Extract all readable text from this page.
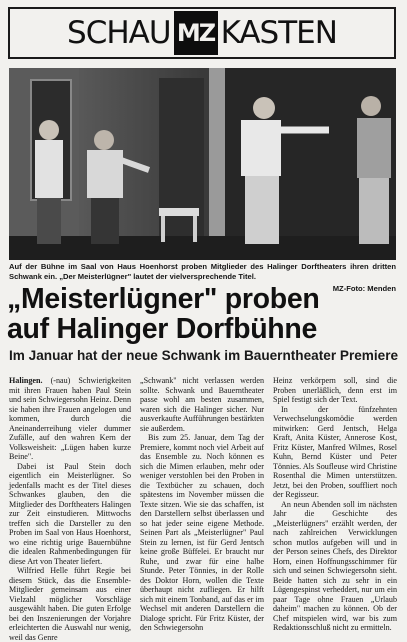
SCHAU MZ KASTEN
Auf der Bühne im Saal von Haus Hoenhorst proben Mitglieder des Halinger Dorftheaters ihren dritten Schwank ein. „Der Meisterlügner" lautet der vielversprechende Titel.
MZ-Foto: Menden
„Meisterlügner" proben
auf Halinger Dorfbühne
Im Januar hat der neue Schwank im Bauerntheater Premiere

Halingen. (-nau) Schwierigkeiten mit ihren Frauen haben Paul Stein und sein Schwiegersohn Heinz. Denn sie haben ihre Frauen angelogen und kommen, durch die Aneinanderreihung vieler dummer Zufälle, auf den wahren Kern der Volksweisheit: „Lügen haben kurze Beine".

Dabei ist Paul Stein doch eigentlich ein Meisterlügner. So jedenfalls macht es der Titel dieses Schwankes glauben, den die Mitglieder des Dorftheaters Halingen zur Zeit einstudieren. Mittwochs treffen sich die Darsteller zu den Proben im Saal von Haus Hoenhorst, wo eine richtig urige Bauernbühne die idealen Rahmenbedingungen für diese Art von Theater liefert.

Wilfried Helle führt Regie bei diesem Stück, das die Ensemble-Mitglieder gemeinsam aus einer Vielzahl möglicher Vorschläge ausgewählt haben. Die guten Erfolge bei den Inszenierungen der Vorjahre erleichterten die Auswahl nur wenig, weil das Genre

„Schwank" nicht verlassen werden sollte. Schwank und Bauerntheater passe wohl am besten zusammen, waren sich die Halinger sicher. Nur ausverkaufte Aufführungen bestärkten sie außerdem.

Bis zum 25. Januar, dem Tag der Premiere, kommt noch viel Arbeit auf das Ensemble zu. Noch können es sich die Mimen erlauben, mehr oder weniger verstohlen bei den Proben in die Textbücher zu schauen, doch spätestens im November müssen die Texte sitzen. Wie sie das schaffen, ist den Darstellern selbst überlassen und so hat jeder seine eigene Methode. Seinen Part als „Meisterlügner" Paul Stein zu lernen, ist für Gerd Jentsch keine große Büffelei. Er braucht nur Ruhe, und zwar für eine halbe Stunde. Peter Tönnies, in der Rolle des Doktor Horn, wollen die Texte überhaupt nicht zufliegen. Er hilft sich mit einem Tonband, auf das er im Wechsel mit anderen Darstellern die Dialoge spricht. Für Fritz Küster, der den Schwiegersohn

Heinz verkörpern soll, sind die Proben unerläßlich, denn erst im Spiel festigt sich der Text.

In der fünfzehnten Verwechselungskomödie werden mitwirken: Gerd Jentsch, Helga Kraft, Anita Küster, Annerose Kost, Fritz Küster, Manfred Wilmes, Rosel Kuhn, Bernd Küster und Peter Tönnies. Als Soufleuse wird Christine Rosenthal die Mimen unterstützen. Jetzt, bei den Proben, souffliert noch der Regisseur.

An neun Abenden soll im nächsten Jahr die Geschichte des „Meisterlügners" erzählt werden, der nach zahlreichen Verwicklungen schon mutlos aufgeben will und in der Person seines Chefs, des Direktor Horn, einen Hoffnungsschimmer für sich und seinen Schwiegersohn sieht. Beide hatten sich zu sehr in ein Lügengespinst verheddert, nur um ein paar Tage ohne Frauen „Urlaub daheim" machen zu können. Ob der Chef mitspielen wird, war bis zum Redaktionsschluß nicht zu ermitteln.
